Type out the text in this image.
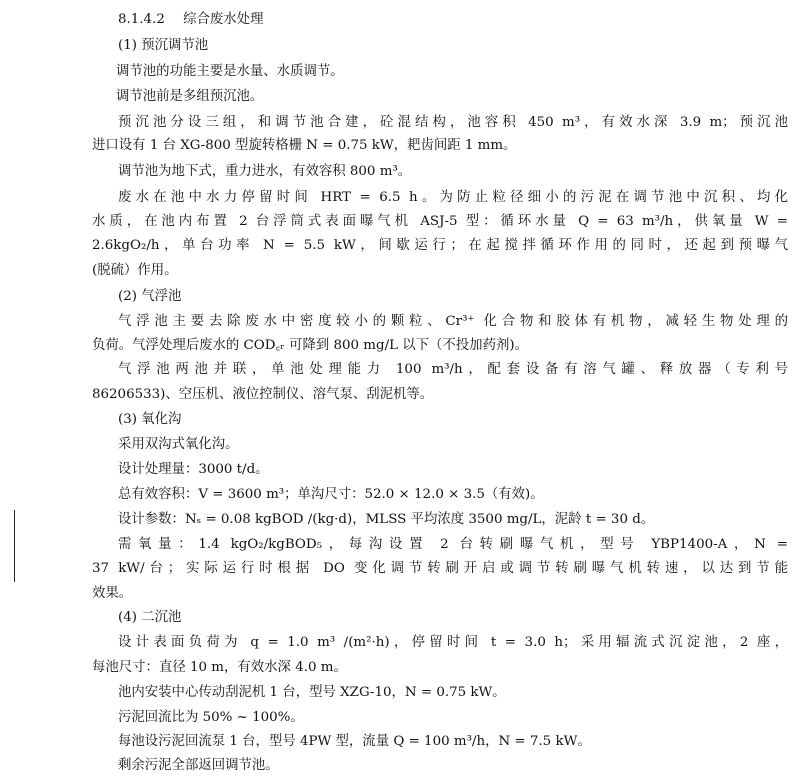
8.1.4.2 综合废水处理
(1) 预沉调节池
调节池的功能主要是水量、水质调节。
调节池前是多组预沉池。
预沉池分设三组，和调节池合建，砼混结构，池容积 450 m³，有效水深 3.9 m；预沉池
进口设有 1 台 XG-800 型旋转格栅 N = 0.75 kW，耙齿间距 1 mm。
调节池为地下式，重力进水，有效容积 800 m³。
废水在池中水力停留时间 HRT = 6.5 h。为防止粒径细小的污泥在调节池中沉积、均化
水质，在池内布置 2 台浮筒式表面曝气机 ASJ-5 型：循环水量 Q = 63 m³/h，供氧量 W =
2.6kgO₂/h，单台功率 N = 5.5 kW，间歇运行；在起搅拌循环作用的同时，还起到预曝气
(脱硫）作用。
(2) 气浮池
气浮池主要去除废水中密度较小的颗粒、Cr³⁺ 化合物和胶体有机物，减轻生物处理的
负荷。气浮处理后废水的 COD꜀ᵣ 可降到 800 mg/L 以下（不投加药剂)。
气浮池两池并联，单池处理能力 100 m³/h，配套设备有溶气罐、释放器（专利号
86206533)、空压机、液位控制仪、溶气泵、刮泥机等。
(3) 氧化沟
采用双沟式氧化沟。
设计处理量：3000 t/d。
总有效容积：V = 3600 m³；单沟尺寸：52.0 × 12.0 × 3.5（有效)。
设计参数：Nₛ = 0.08 kgBOD /(kg·d)，MLSS 平均浓度 3500 mg/L，泥龄 t = 30 d。
需氧量：1.4 kgO₂/kgBOD₅，每沟设置 2 台转刷曝气机，型号 YBP1400-A，N =
37 kW/台；实际运行时根据 DO 变化调节转刷开启或调节转刷曝气机转速，以达到节能
效果。
(4) 二沉池
设计表面负荷为 q = 1.0 m³ /(m²·h)，停留时间 t = 3.0 h；采用辐流式沉淀池，2 座，
每池尺寸：直径 10 m，有效水深 4.0 m。
池内安装中心传动刮泥机 1 台，型号 XZG-10，N = 0.75 kW。
污泥回流比为 50% ~ 100%。
每池设污泥回流泵 1 台，型号 4PW 型，流量 Q = 100 m³/h，N = 7.5 kW。
剩余污泥全部返回调节池。
